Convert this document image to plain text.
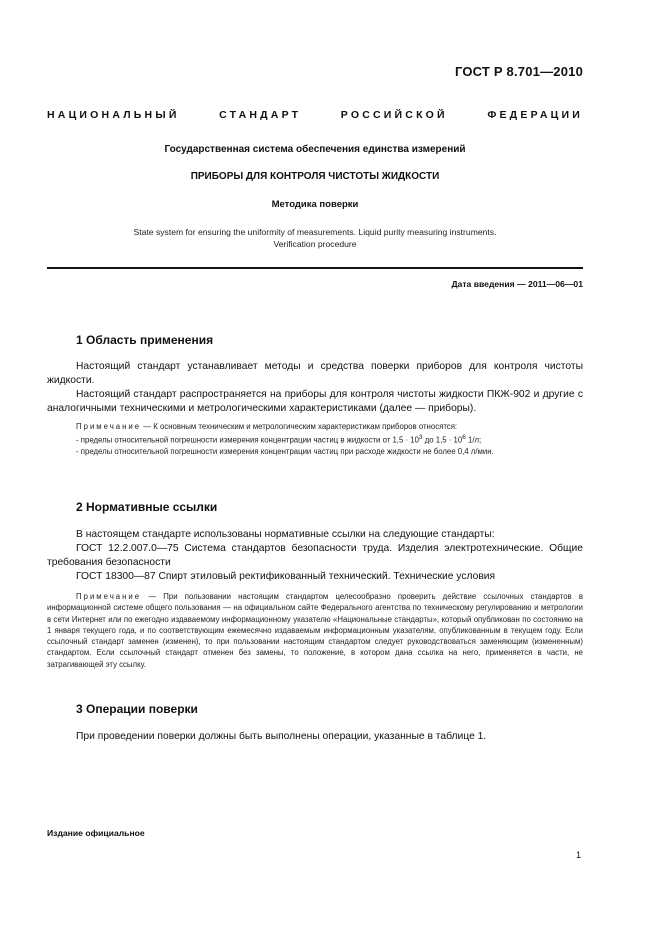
ГОСТ Р 8.701—2010
НАЦИОНАЛЬНЫЙ СТАНДАРТ РОССИЙСКОЙ ФЕДЕРАЦИИ
Государственная система обеспечения единства измерений
ПРИБОРЫ ДЛЯ КОНТРОЛЯ ЧИСТОТЫ ЖИДКОСТИ
Методика поверки
State system for ensuring the uniformity of measurements. Liquid purity measuring instruments.
Verification procedure
Дата введения — 2011—06—01
1 Область применения
Настоящий стандарт устанавливает методы и средства поверки приборов для контроля чистоты жидкости.
Настоящий стандарт распространяется на приборы для контроля чистоты жидкости ПКЖ-902 и другие с аналогичными техническими и метрологическими характеристиками (далее — приборы).
Примечание — К основным техническим и метрологическим характеристикам приборов относятся:
- пределы относительной погрешности измерения концентрации частиц в жидкости от $1,5 \cdot 10^3$ до $1,5 \cdot 10^6$ 1/л;
- пределы относительной погрешности измерения концентрации частиц при расходе жидкости не более 0,4 л/мин.
2 Нормативные ссылки
В настоящем стандарте использованы нормативные ссылки на следующие стандарты:
ГОСТ 12.2.007.0—75 Система стандартов безопасности труда. Изделия электротехнические. Общие требования безопасности
ГОСТ 18300—87 Спирт этиловый ректификованный технический. Технические условия
Примечание — При пользовании настоящим стандартом целесообразно проверить действие ссылочных стандартов в информационной системе общего пользования — на официальном сайте Федерального агентства по техническому регулированию и метрологии в сети Интернет или по ежегодно издаваемому информационному указателю «Национальные стандарты», который опубликован по состоянию на 1 января текущего года, и по соответствующим ежемесячно издаваемым информационным указателям, опубликованным в текущем году. Если ссылочный стандарт заменен (изменен), то при пользовании настоящим стандартом следует руководствоваться заменяющим (измененным) стандартом. Если ссылочный стандарт отменен без замены, то положение, в котором дана ссылка на него, применяется в части, не затрагивающей эту ссылку.
3 Операции поверки
При проведении поверки должны быть выполнены операции, указанные в таблице 1.
Издание официальное
1
